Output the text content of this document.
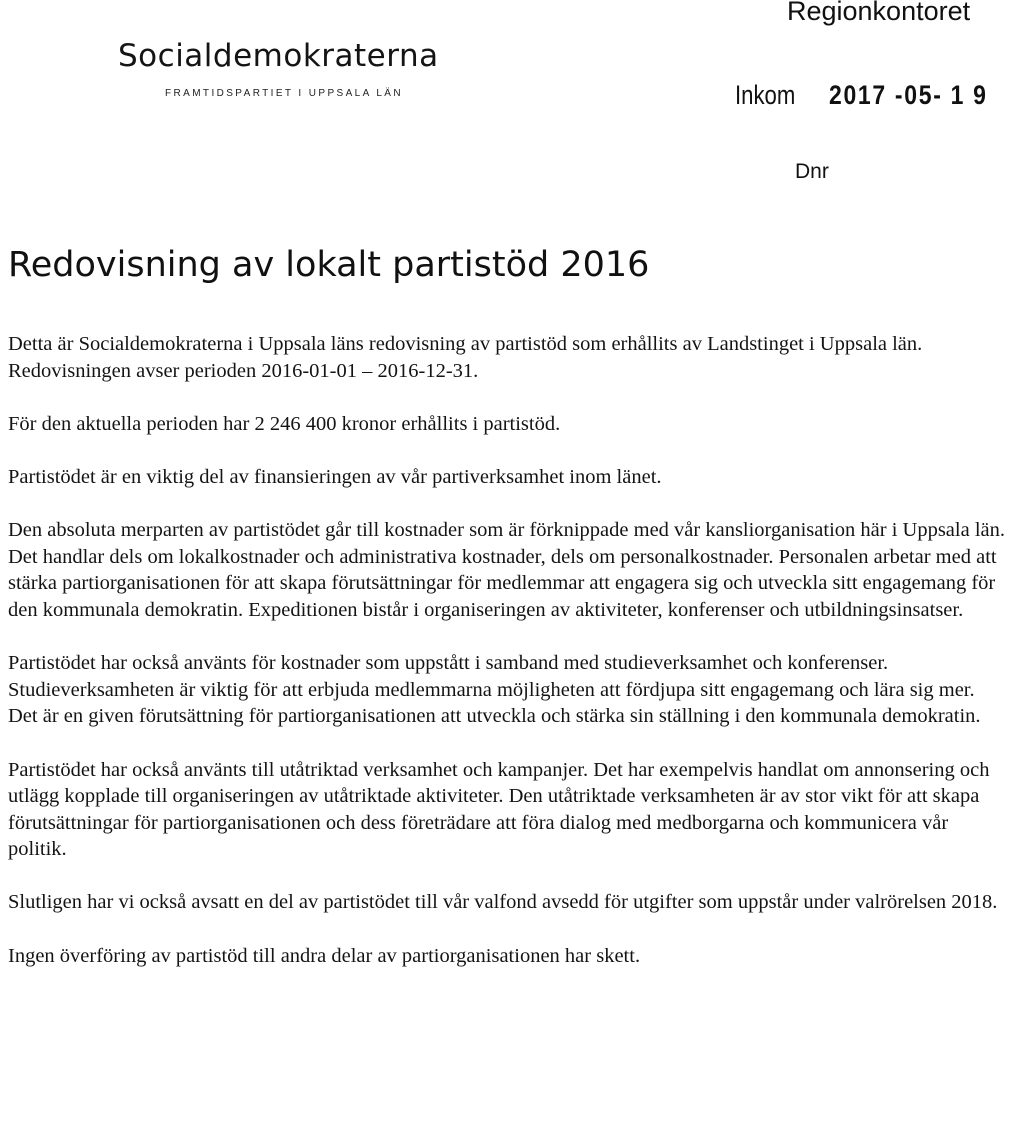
Socialdemokraterna
FRAMTIDSPARTIET I UPPSALA LÄN
Regionkontoret
Inkom 2017 -05- 1 9
Dnr
Redovisning av lokalt partistöd 2016

Detta är Socialdemokraterna i Uppsala läns redovisning av partistöd som erhållits av Landstinget i Uppsala län. Redovisningen avser perioden 2016-01-01 – 2016-12-31.

För den aktuella perioden har 2 246 400 kronor erhållits i partistöd.

Partistödet är en viktig del av finansieringen av vår partiverksamhet inom länet.

Den absoluta merparten av partistödet går till kostnader som är förknippade med vår kansliorganisation här i Uppsala län. Det handlar dels om lokalkostnader och administrativa kostnader, dels om personalkostnader. Personalen arbetar med att stärka partiorganisationen för att skapa förutsättningar för medlemmar att engagera sig och utveckla sitt engagemang för den kommunala demokratin. Expeditionen bistår i organiseringen av aktiviteter, konferenser och utbildningsinsatser.

Partistödet har också använts för kostnader som uppstått i samband med studieverksamhet och konferenser. Studieverksamheten är viktig för att erbjuda medlemmarna möjligheten att fördjupa sitt engagemang och lära sig mer. Det är en given förutsättning för partiorganisationen att utveckla och stärka sin ställning i den kommunala demokratin.

Partistödet har också använts till utåtriktad verksamhet och kampanjer. Det har exempelvis handlat om annonsering och utlägg kopplade till organiseringen av utåtriktade aktiviteter. Den utåtriktade verksamheten är av stor vikt för att skapa förutsättningar för partiorganisationen och dess företrädare att föra dialog med medborgarna och kommunicera vår politik.

Slutligen har vi också avsatt en del av partistödet till vår valfond avsedd för utgifter som uppstår under valrörelsen 2018.

Ingen överföring av partistöd till andra delar av partiorganisationen har skett.
